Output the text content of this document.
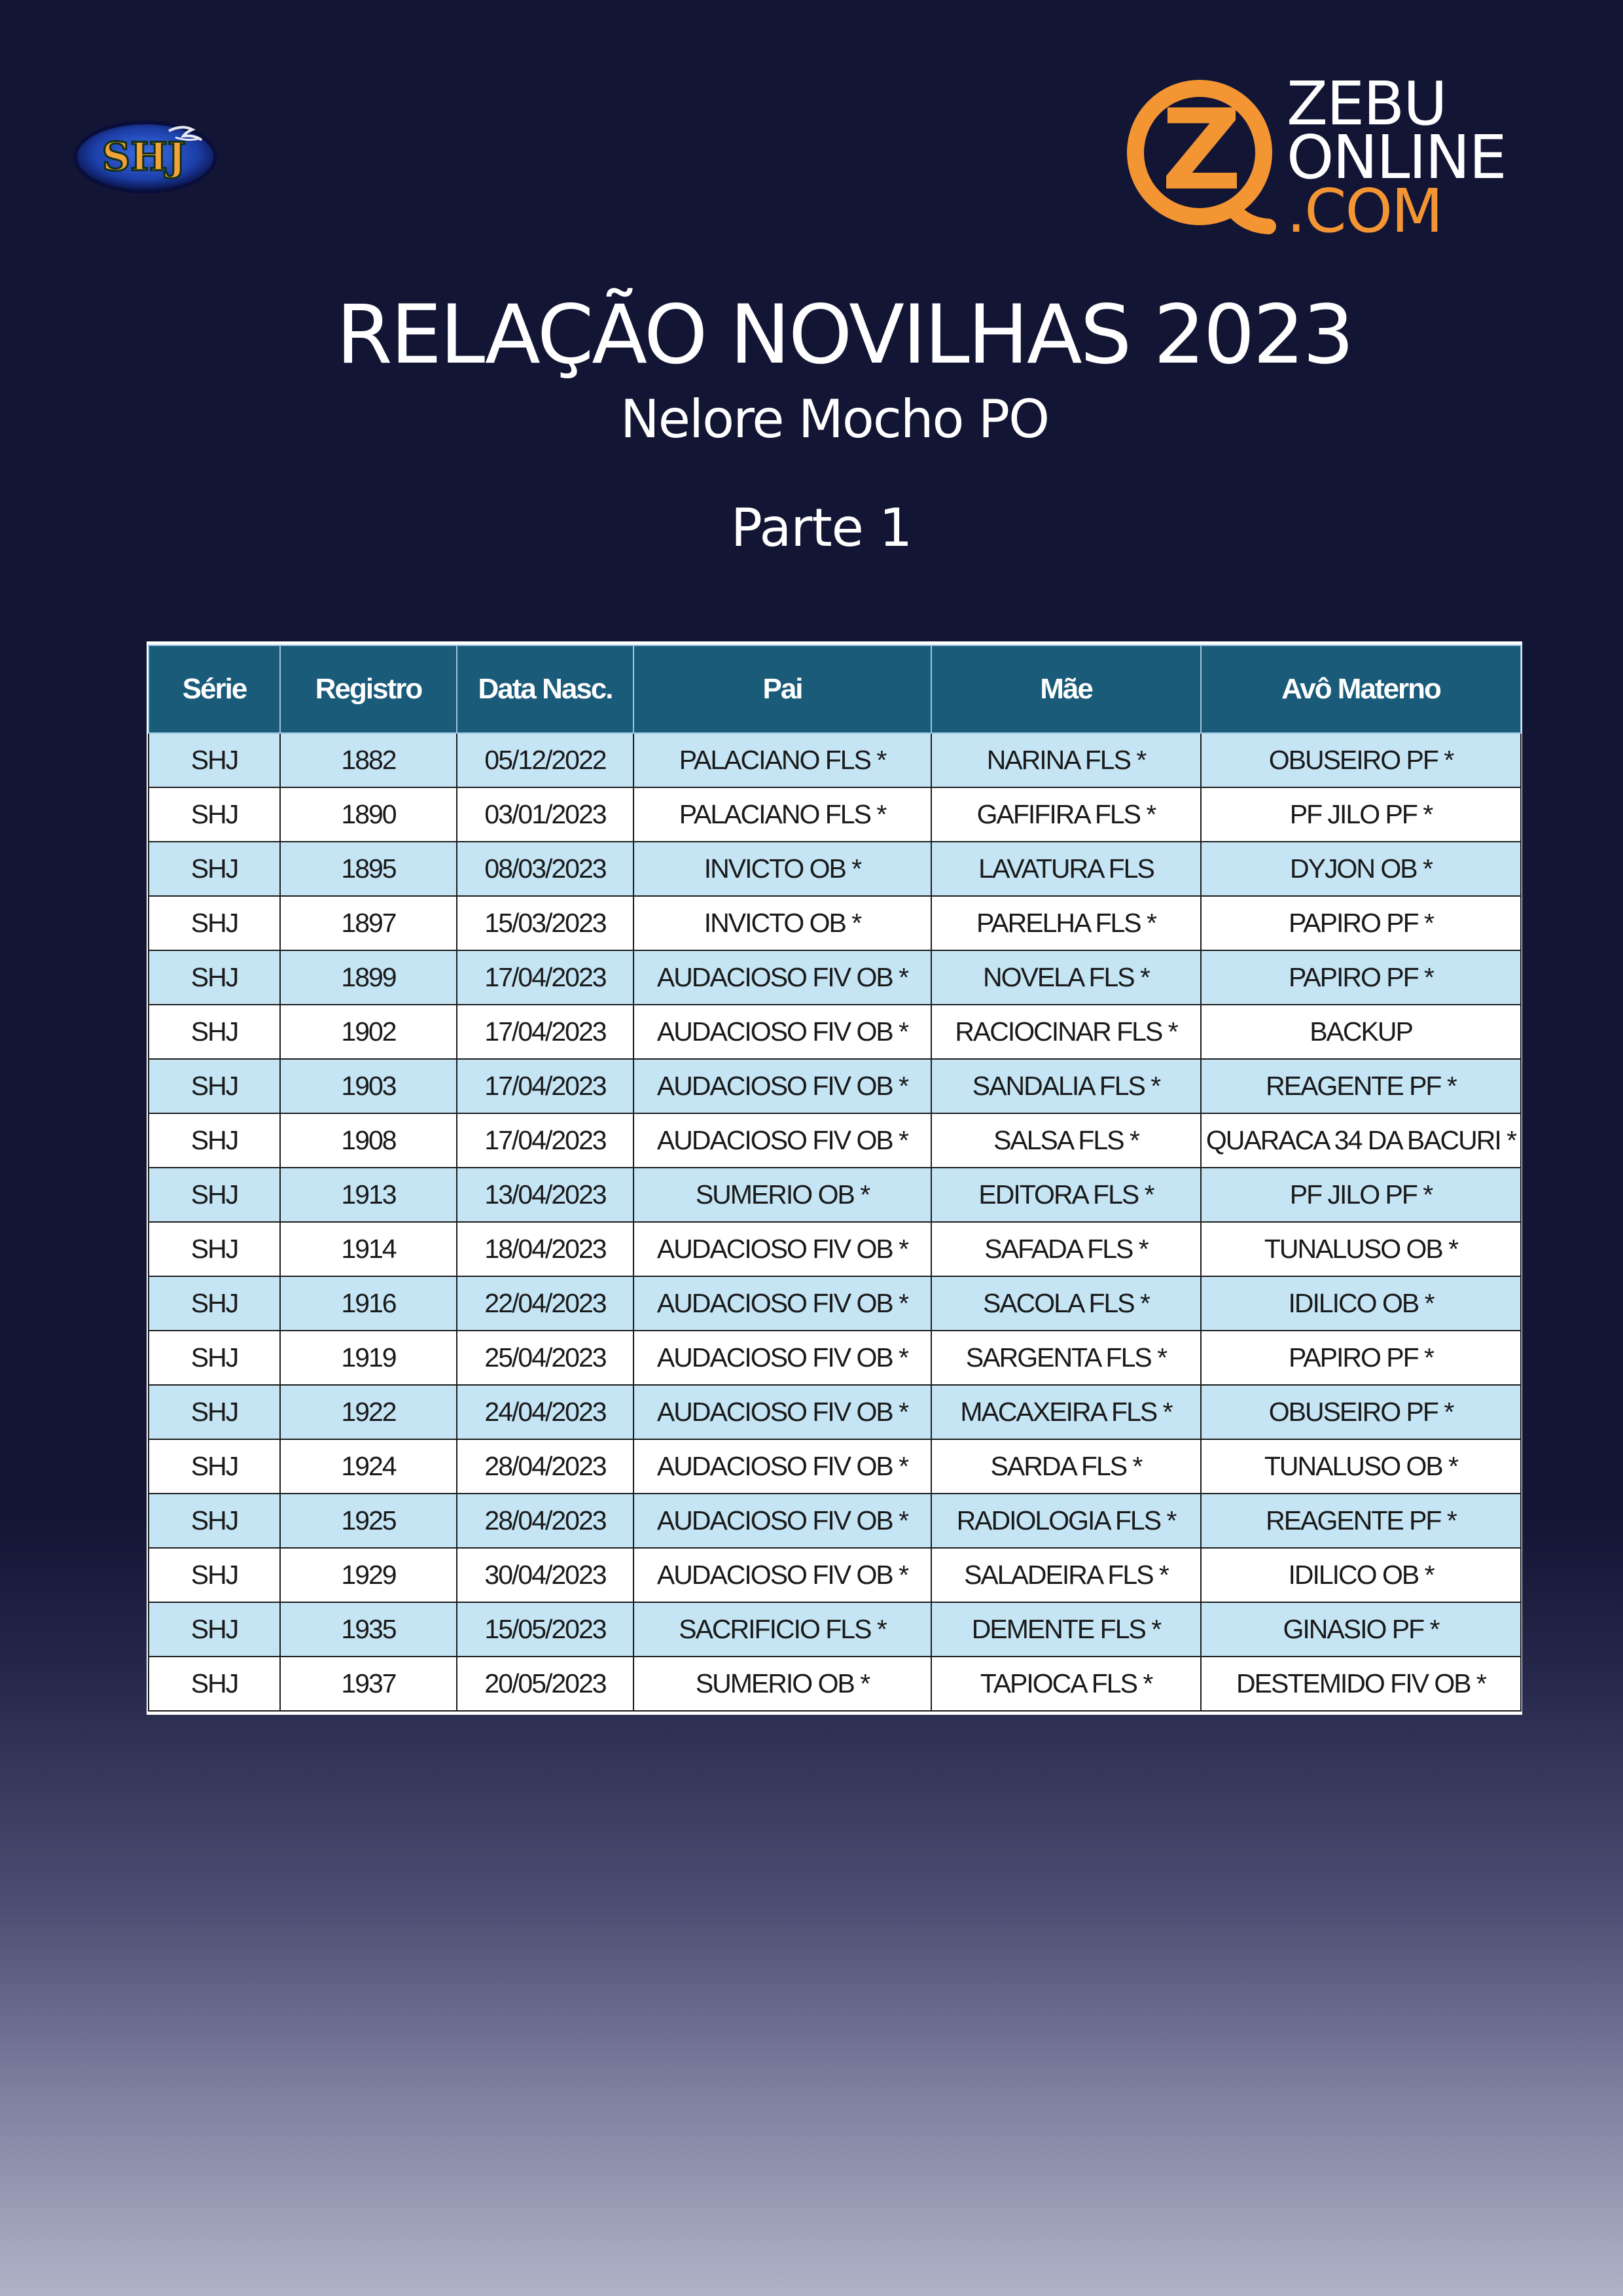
SHJ	Z ZEBU
ONLINE
.COM
RELAÇÃO NOVILHAS 2023
Nelore Mocho PO
Parte 1
Série	Registro	Data Nasc.	Pai	Mãe	Avô Materno
SHJ	1882	05/12/2022	PALACIANO FLS *	NARINA FLS *	OBUSEIRO PF *
SHJ	1890	03/01/2023	PALACIANO FLS *	GAFIFIRA FLS *	PF JILO PF *
SHJ	1895	08/03/2023	INVICTO OB *	LAVATURA FLS	DYJON OB *
SHJ	1897	15/03/2023	INVICTO OB *	PARELHA FLS *	PAPIRO PF *
SHJ	1899	17/04/2023	AUDACIOSO FIV OB *	NOVELA FLS *	PAPIRO PF *
SHJ	1902	17/04/2023	AUDACIOSO FIV OB *	RACIOCINAR FLS *	BACKUP
SHJ	1903	17/04/2023	AUDACIOSO FIV OB *	SANDALIA FLS *	REAGENTE PF *
SHJ	1908	17/04/2023	AUDACIOSO FIV OB *	SALSA FLS *	QUARACA 34 DA BACURI *
SHJ	1913	13/04/2023	SUMERIO OB *	EDITORA FLS *	PF JILO PF *
SHJ	1914	18/04/2023	AUDACIOSO FIV OB *	SAFADA FLS *	TUNALUSO OB *
SHJ	1916	22/04/2023	AUDACIOSO FIV OB *	SACOLA FLS *	IDILICO OB *
SHJ	1919	25/04/2023	AUDACIOSO FIV OB *	SARGENTA FLS *	PAPIRO PF *
SHJ	1922	24/04/2023	AUDACIOSO FIV OB *	MACAXEIRA FLS *	OBUSEIRO PF *
SHJ	1924	28/04/2023	AUDACIOSO FIV OB *	SARDA FLS *	TUNALUSO OB *
SHJ	1925	28/04/2023	AUDACIOSO FIV OB *	RADIOLOGIA FLS *	REAGENTE PF *
SHJ	1929	30/04/2023	AUDACIOSO FIV OB *	SALADEIRA FLS *	IDILICO OB *
SHJ	1935	15/05/2023	SACRIFICIO FLS *	DEMENTE FLS *	GINASIO PF *
SHJ	1937	20/05/2023	SUMERIO OB *	TAPIOCA FLS *	DESTEMIDO FIV OB *
